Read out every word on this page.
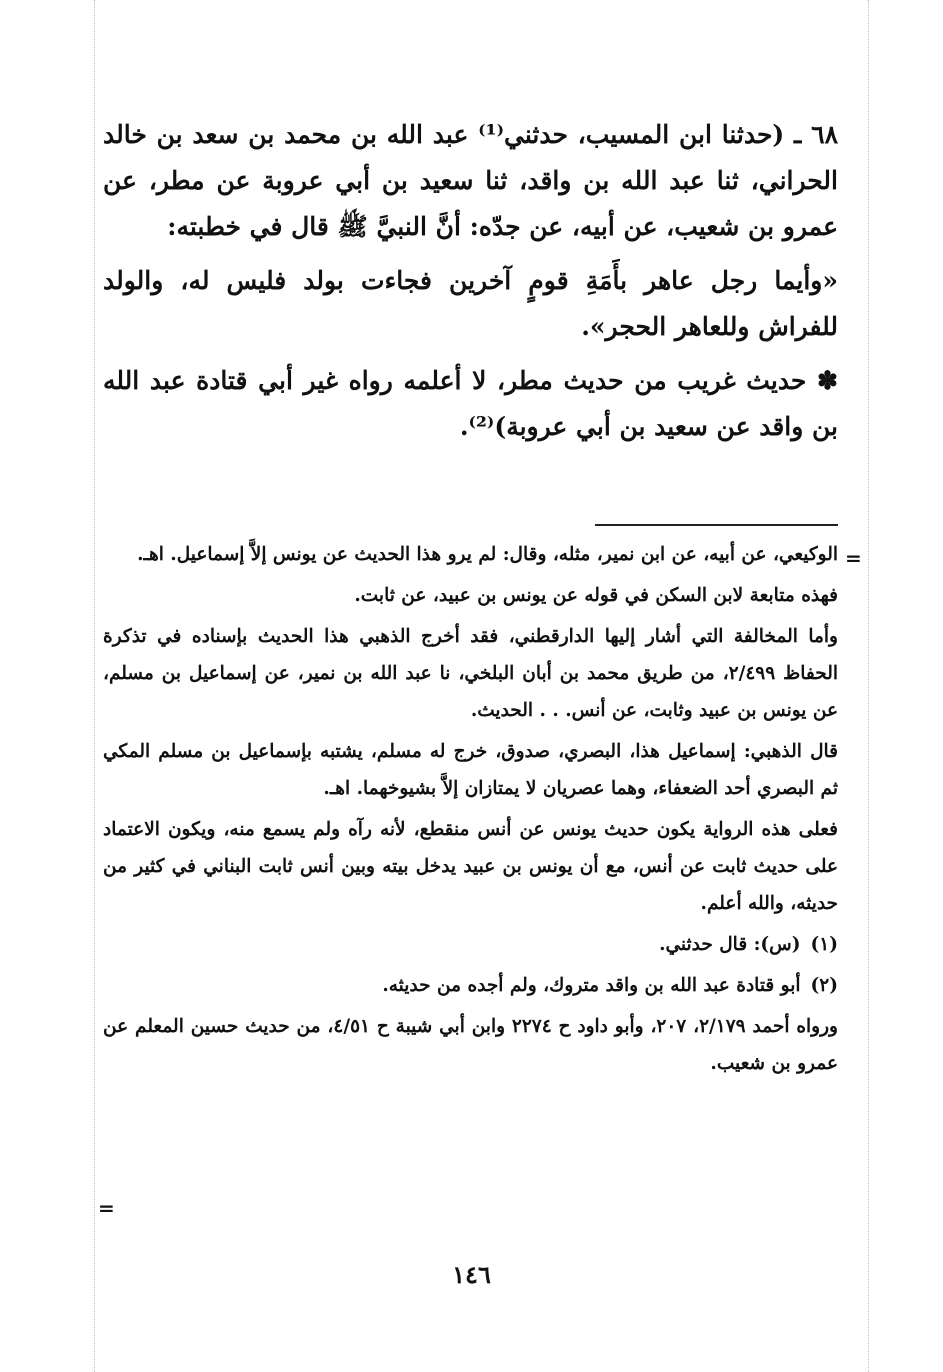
٦٨ ـ (حدثنا ابن المسيب، حدثني⁽¹⁾ عبد الله بن محمد بن سعد بن خالد الحراني، ثنا عبد الله بن واقد، ثنا سعيد بن أبي عروبة عن مطر، عن عمرو بن شعيب، عن أبيه، عن جدّه: أنَّ النبيَّ ﷺ قال في خطبته:

«وأيما رجل عاهر بأَمَةِ قومٍ آخرين فجاءت بولد فليس له، والولد للفراش وللعاهر الحجر».

✽ حديث غريب من حديث مطر، لا أعلمه رواه غير أبي قتادة عبد الله بن واقد عن سعيد بن أبي عروبة)⁽²⁾.

=

الوكيعي، عن أبيه، عن ابن نمير، مثله، وقال: لم يرو هذا الحديث عن يونس إلاَّ إسماعيل. اهـ.

فهذه متابعة لابن السكن في قوله عن يونس بن عبيد، عن ثابت.

وأما المخالفة التي أشار إليها الدارقطني، فقد أخرج الذهبي هذا الحديث بإسناده في تذكرة الحفاظ ٢/٤٩٩، من طريق محمد بن أبان البلخي، نا عبد الله بن نمير، عن إسماعيل بن مسلم، عن يونس بن عبيد وثابت، عن أنس. . . الحديث.

قال الذهبي: إسماعيل هذا، البصري، صدوق، خرج له مسلم، يشتبه بإسماعيل بن مسلم المكي ثم البصري أحد الضعفاء، وهما عصريان لا يمتازان إلاَّ بشيوخهما. اهـ.

فعلى هذه الرواية يكون حديث يونس عن أنس منقطع، لأنه رآه ولم يسمع منه، ويكون الاعتماد على حديث ثابت عن أنس، مع أن يونس بن عبيد يدخل بيته وبين أنس ثابت البناني في كثير من حديثه، والله أعلم.

(١)(س): قال حدثني.

(٢)أبو قتادة عبد الله بن واقد متروك، ولم أجده من حديثه.

ورواه أحمد ٢/١٧٩، ٢٠٧، وأبو داود ح ٢٢٧٤ وابن أبي شيبة ح ٤/٥١، من حديث حسين المعلم عن عمرو بن شعيب.

=
١٤٦
